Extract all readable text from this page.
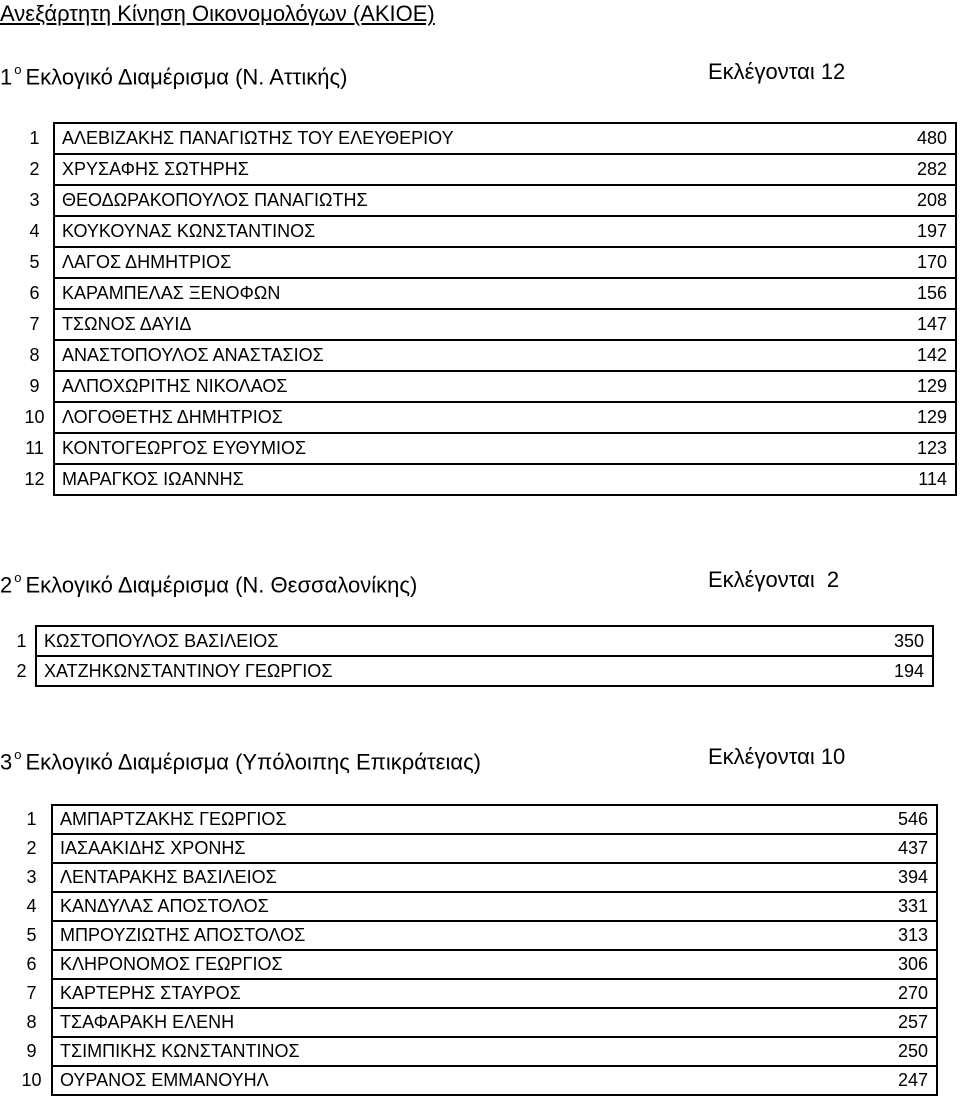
Ανεξάρτητη Κίνηση Οικονομολόγων (ΑΚΙΟΕ)
1 $^o$ Εκλογικό Διαμέρισμα (Ν. Αττικής)	Εκλέγονται 12
1	ΑΛΕΒΙΖΑΚΗΣ ΠΑΝΑΓΙΩΤΗΣ ΤΟΥ ΕΛΕΥΘΕΡΙΟΥ	480
2	ΧΡΥΣΑΦΗΣ ΣΩΤΗΡΗΣ	282
3	ΘΕΟΔΩΡΑΚΟΠΟΥΛΟΣ ΠΑΝΑΓΙΩΤΗΣ	208
4	ΚΟΥΚΟΥΝΑΣ ΚΩΝΣΤΑΝΤΙΝΟΣ	197
5	ΛΑΓΟΣ ΔΗΜΗΤΡΙΟΣ	170
6	ΚΑΡΑΜΠΕΛΑΣ ΞΕΝΟΦΩΝ	156
7	ΤΣΩΝΟΣ ΔΑΥΙΔ	147
8	ΑΝΑΣΤΟΠΟΥΛΟΣ ΑΝΑΣΤΑΣΙΟΣ	142
9	ΑΛΠΟΧΩΡΙΤΗΣ ΝΙΚΟΛΑΟΣ	129
10	ΛΟΓΟΘΕΤΗΣ ΔΗΜΗΤΡΙΟΣ	129
11	ΚΟΝΤΟΓΕΩΡΓΟΣ ΕΥΘΥΜΙΟΣ	123
12	ΜΑΡΑΓΚΟΣ ΙΩΑΝΝΗΣ	114
2 $^o$ Εκλογικό Διαμέρισμα (Ν. Θεσσαλονίκης)	Εκλέγονται  2
1	ΚΩΣΤΟΠΟΥΛΟΣ ΒΑΣΙΛΕΙΟΣ	350
2	ΧΑΤΖΗΚΩΝΣΤΑΝΤΙΝΟΥ ΓΕΩΡΓΙΟΣ	194
3 $^o$ Εκλογικό Διαμέρισμα (Υπόλοιπης Επικράτειας)	Εκλέγονται 10
1	ΑΜΠΑΡΤΖΑΚΗΣ ΓΕΩΡΓΙΟΣ	546
2	ΙΑΣΑΑΚΙΔΗΣ ΧΡΟΝΗΣ	437
3	ΛΕΝΤΑΡΑΚΗΣ ΒΑΣΙΛΕΙΟΣ	394
4	ΚΑΝΔΥΛΑΣ ΑΠΟΣΤΟΛΟΣ	331
5	ΜΠΡΟΥΖΙΩΤΗΣ ΑΠΟΣΤΟΛΟΣ	313
6	ΚΛΗΡΟΝΟΜΟΣ ΓΕΩΡΓΙΟΣ	306
7	ΚΑΡΤΕΡΗΣ ΣΤΑΥΡΟΣ	270
8	ΤΣΑΦΑΡΑΚΗ ΕΛΕΝΗ	257
9	ΤΣΙΜΠΙΚΗΣ ΚΩΝΣΤΑΝΤΙΝΟΣ	250
10	ΟΥΡΑΝΟΣ ΕΜΜΑΝΟΥΗΛ	247
